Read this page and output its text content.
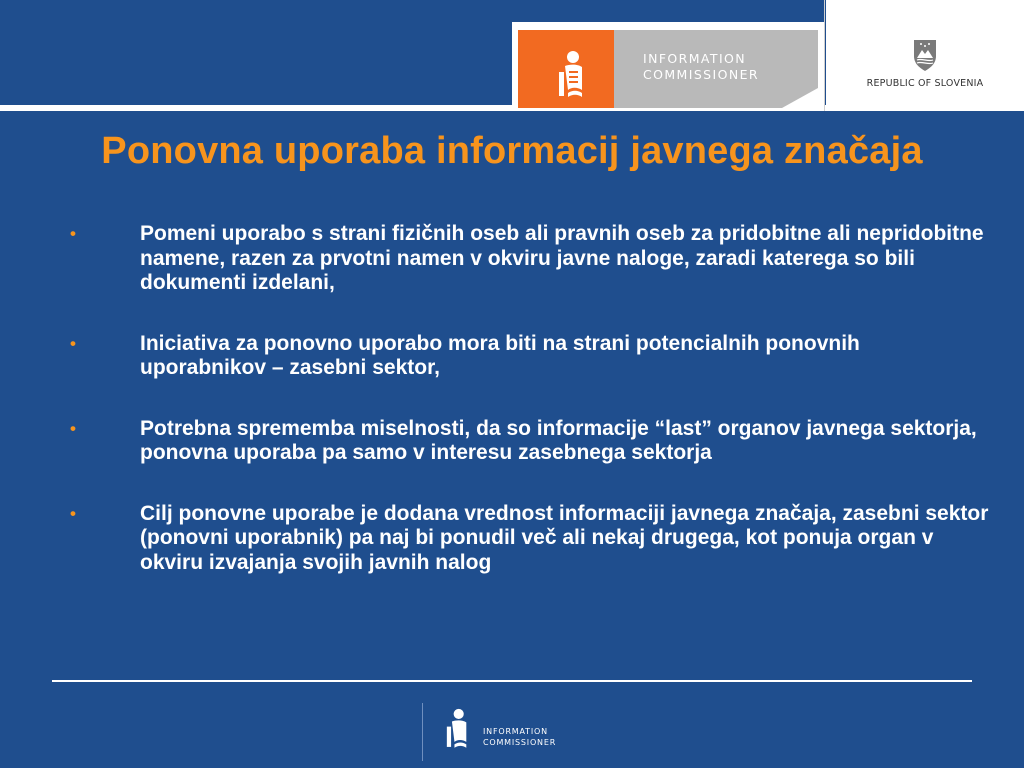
INFORMATION
COMMISSIONER
REPUBLIC OF SLOVENIA
Ponovna uporaba informacij javnega značaja
•	Pomeni uporabo s strani fizičnih oseb ali pravnih oseb za pridobitne ali nepridobitne namene, razen za prvotni namen v okviru javne naloge, zaradi katerega so bili dokumenti izdelani,
•	Iniciativa za ponovno uporabo mora biti na strani potencialnih ponovnih uporabnikov – zasebni sektor,
•	Potrebna sprememba miselnosti, da so informacije “last” organov javnega sektorja, ponovna uporaba pa samo v interesu zasebnega sektorja
•	Cilj ponovne uporabe je dodana vrednost informaciji javnega značaja, zasebni sektor (ponovni uporabnik) pa naj bi ponudil več ali nekaj drugega, kot ponuja organ v okviru izvajanja svojih javnih nalog
INFORMATION
COMMISSIONER
